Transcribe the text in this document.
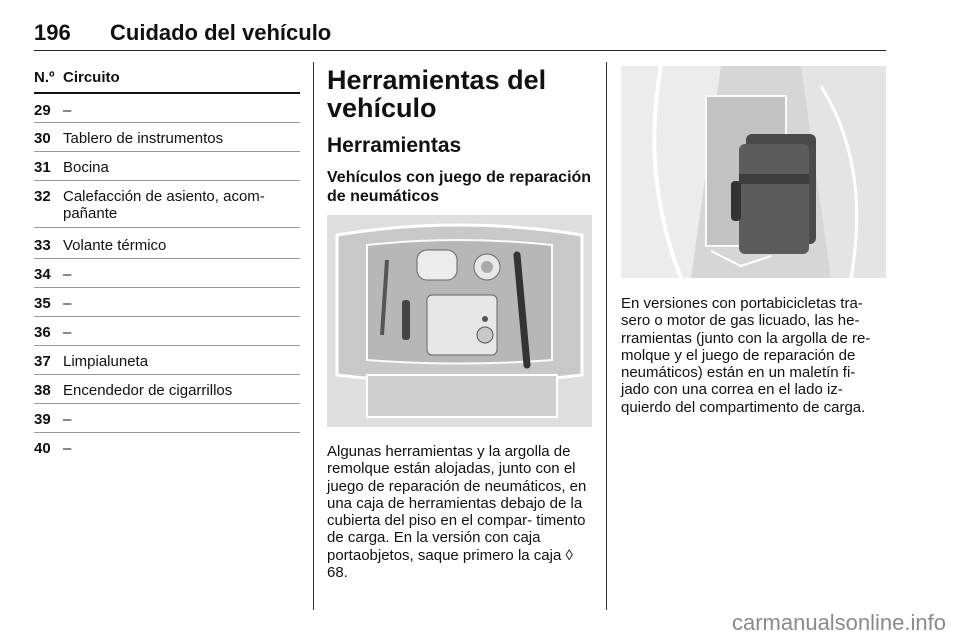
196 Cuidado del vehículo
N.º Circuito
29 –
30 Tablero de instrumentos
31 Bocina
32 Calefacción de asiento, acom- pañante
33 Volante térmico
34 –
35 –
36 –
37 Limpialuneta
38 Encendedor de cigarrillos
39 –
40 –
Herramientas del vehículo
Herramientas
Vehículos con juego de reparación de neumáticos
Algunas herramientas y la argolla de remolque están alojadas, junto con el juego de reparación de neumáticos, en una caja de herramientas debajo de la cubierta del piso en el compar- timento de carga. En la versión con caja portaobjetos, saque primero la caja ◊ 68.
En versiones con portabicicletas tra- sero o motor de gas licuado, las he- rramientas (junto con la argolla de re- molque y el juego de reparación de neumáticos) están en un maletín fi- jado con una correa en el lado iz- quierdo del compartimento de carga.
carmanualsonline.info
